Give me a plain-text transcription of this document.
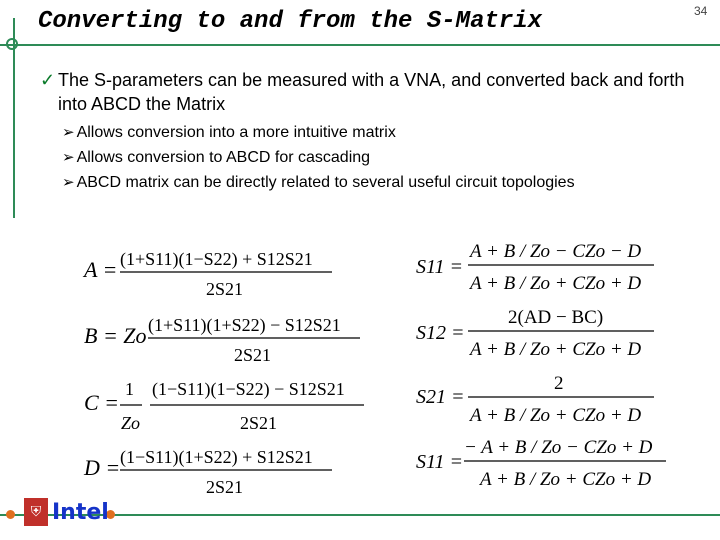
Converting to and from the S-Matrix	34
✓ The S-parameters can be measured with a VNA, and converted back and forth into ABCD the Matrix
➢ Allows conversion into a more intuitive matrix
➢ Allows conversion to ABCD for cascading
➢ ABCD matrix can be directly related to several useful circuit topologies
A = (1+S11)(1−S22) + S12S21
2S21
B = Zo (1+S11)(1+S22) − S12S21
2S21
C =
1
Zo
(1−S11)(1−S22) − S12S21
2S21
D = (1−S11)(1+S22) + S12S21
2S21
S11 =
A + B / Zo − CZo − D
A + B / Zo + CZo + D
S12 =
2(AD − BC)
A + B / Zo + CZo + D
S21 =
2
A + B / Zo + CZo + D
S11 =
− A + B / Zo − CZo + D
A + B / Zo + CZo + D
⛨ Intel
